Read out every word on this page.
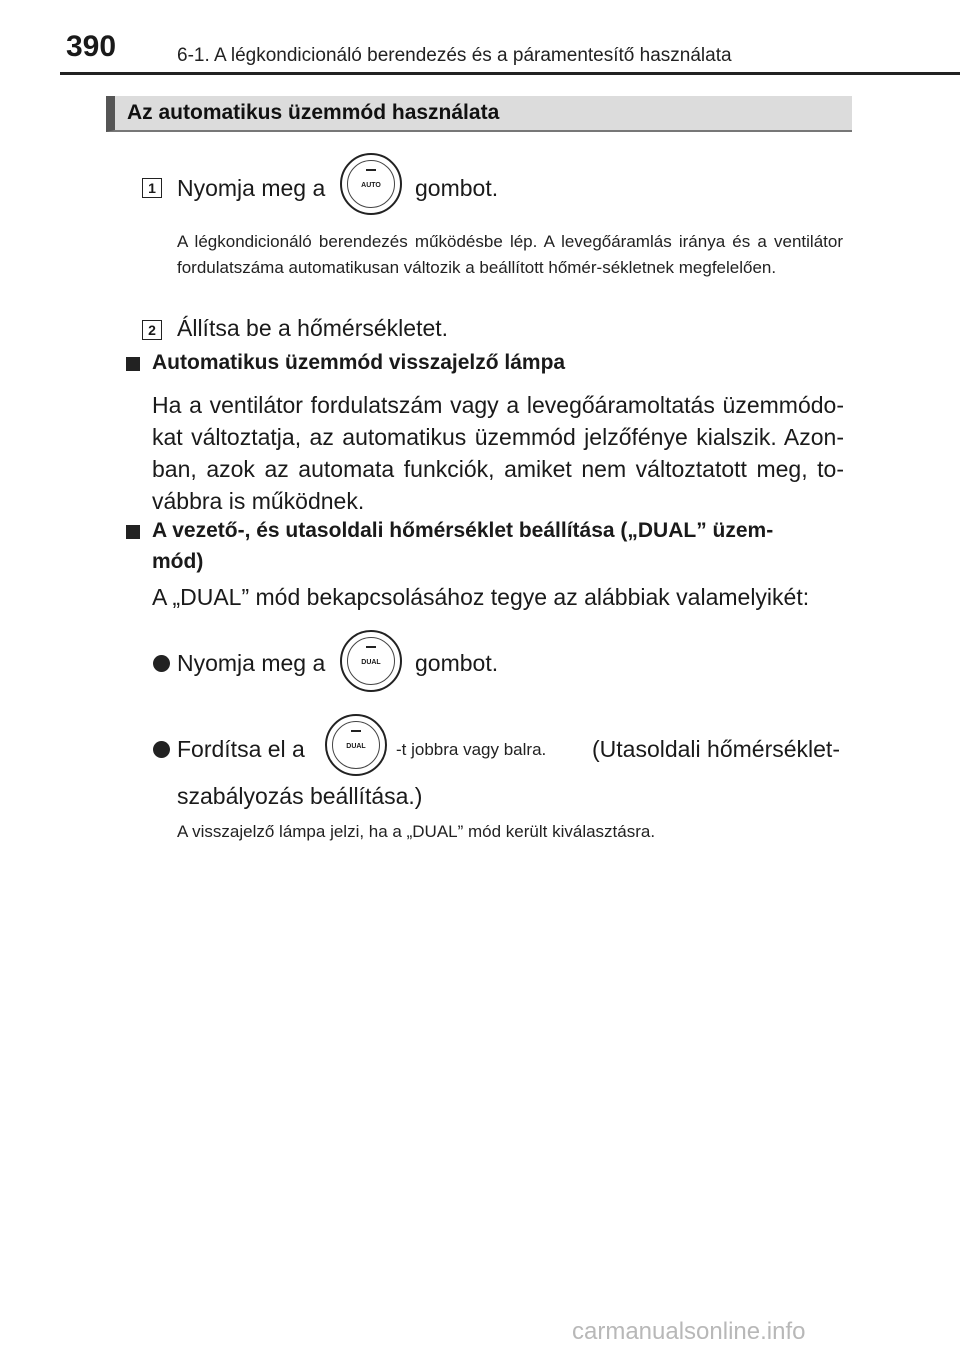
390	6-1. A légkondicionáló berendezés és a páramentesítő használata
Az automatikus üzemmód használata
1 Nyomja meg a	AUTO	gombot.
A légkondicionáló berendezés működésbe lép. A levegőáramlás iránya és a ventilátor fordulatszáma automatikusan változik a beállított hőmér-sékletnek megfelelően.
2 Állítsa be a hőmérsékletet.
Automatikus üzemmód visszajelző lámpa
Ha a ventilátor fordulatszám vagy a levegőáramoltatás üzemmódo-kat változtatja, az automatikus üzemmód jelzőfénye kialszik. Azon-ban, azok az automata funkciók, amiket nem változtatott meg, to-vábbra is működnek.
A vezető-, és utasoldali hőmérséklet beállítása („DUAL” üzem-
mód)
A „DUAL” mód bekapcsolásához tegye az alábbiak valamelyikét:
Nyomja meg a	DUAL	gombot.
Fordítsa el a	DUAL	-t jobbra vagy balra. (Utasoldali hőmérséklet-
szabályozás beállítása.)
A visszajelző lámpa jelzi, ha a „DUAL” mód került kiválasztásra.
carmanualsonline.info
